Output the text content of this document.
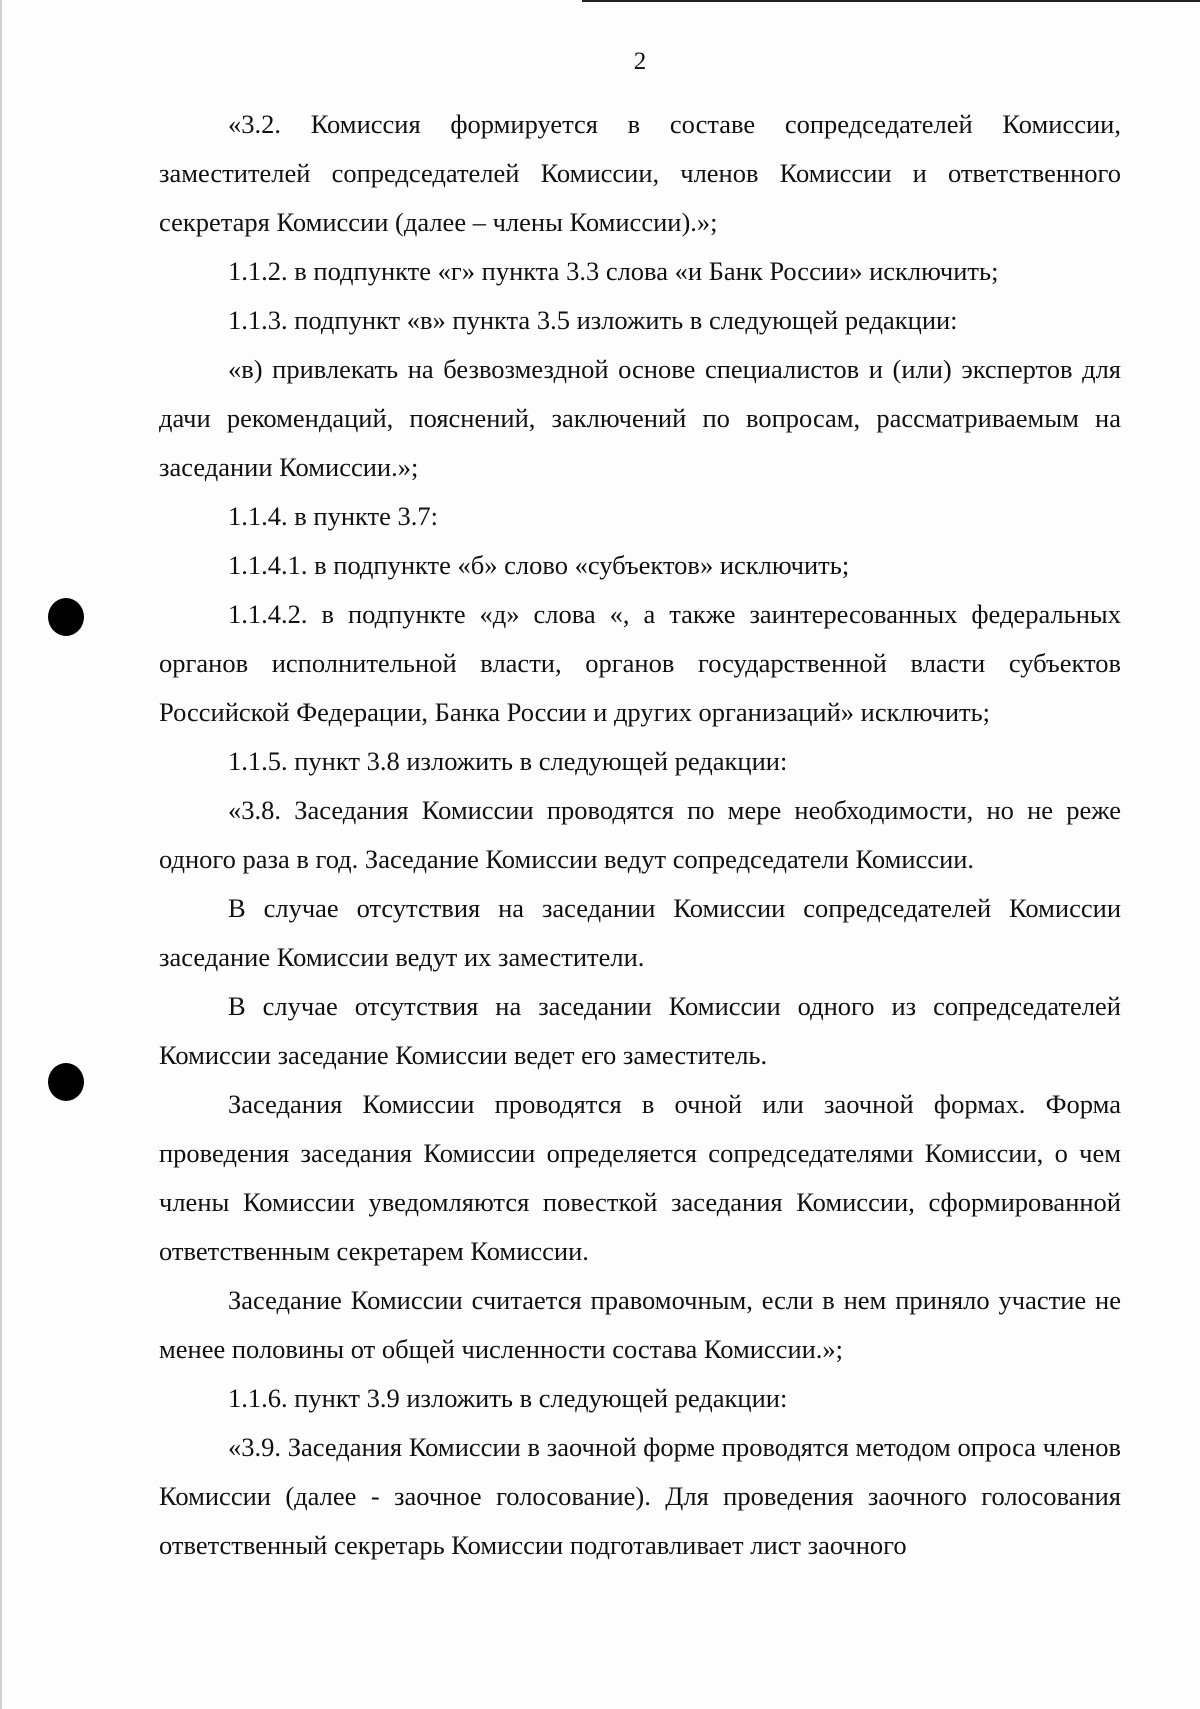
2

«3.2. Комиссия формируется в составе сопредседателей Комиссии, заместителей сопредседателей Комиссии, членов Комиссии и ответственного секретаря Комиссии (далее – члены Комиссии).»;

1.1.2. в подпункте «г» пункта 3.3 слова «и Банк России» исключить;

1.1.3. подпункт «в» пункта 3.5 изложить в следующей редакции:

«в) привлекать на безвозмездной основе специалистов и (или) экспертов для дачи рекомендаций, пояснений, заключений по вопросам, рассматриваемым на заседании Комиссии.»;

1.1.4. в пункте 3.7:

1.1.4.1. в подпункте «б» слово «субъектов» исключить;

1.1.4.2. в подпункте «д» слова «, а также заинтересованных федеральных органов исполнительной власти, органов государственной власти субъектов Российской Федерации, Банка России и других организаций» исключить;

1.1.5. пункт 3.8 изложить в следующей редакции:

«3.8. Заседания Комиссии проводятся по мере необходимости, но не реже одного раза в год. Заседание Комиссии ведут сопредседатели Комиссии.

В случае отсутствия на заседании Комиссии сопредседателей Комиссии заседание Комиссии ведут их заместители.

В случае отсутствия на заседании Комиссии одного из сопредседателей Комиссии заседание Комиссии ведет его заместитель.

Заседания Комиссии проводятся в очной или заочной формах. Форма проведения заседания Комиссии определяется сопредседателями Комиссии, о чем члены Комиссии уведомляются повесткой заседания Комиссии, сформированной ответственным секретарем Комиссии.

Заседание Комиссии считается правомочным, если в нем приняло участие не менее половины от общей численности состава Комиссии.»;

1.1.6. пункт 3.9 изложить в следующей редакции:

«3.9. Заседания Комиссии в заочной форме проводятся методом опроса членов Комиссии (далее - заочное голосование). Для проведения заочного голосования ответственный секретарь Комиссии подготавливает лист заочного
